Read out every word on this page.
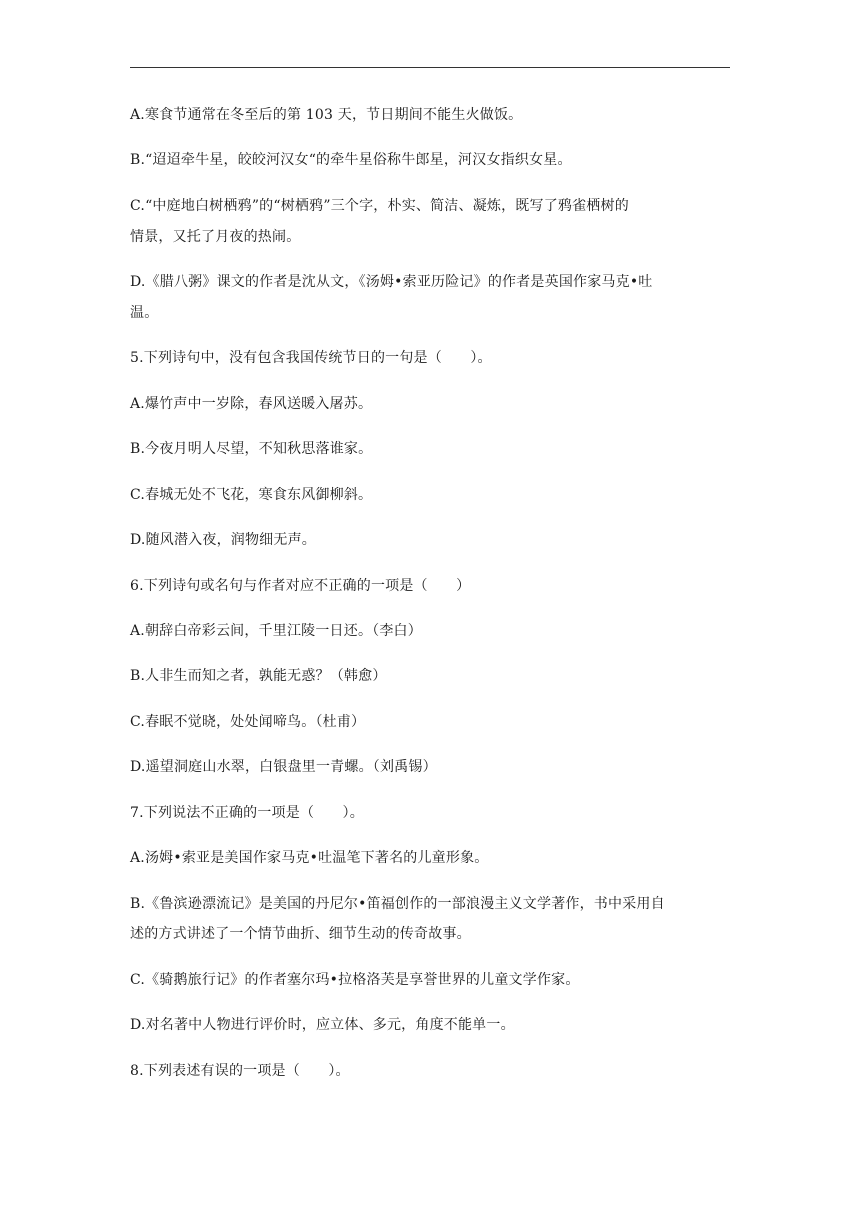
A.寒食节通常在冬至后的第 103 天，节日期间不能生火做饭。
B.“迢迢牵牛星，皎皎河汉女“的牵牛星俗称牛郎星，河汉女指织女星。
C.“中庭地白树栖鸦”的“树栖鸦”三个字，朴实、简洁、凝炼，既写了鸦雀栖树的
情景，又托了月夜的热闹。
D.《腊八粥》课文的作者是沈从文，《汤姆•索亚历险记》的作者是英国作家马克•吐
温。
5.下列诗句中，没有包含我国传统节日的一句是（　　）。
A.爆竹声中一岁除，春风送暖入屠苏。
B.今夜月明人尽望，不知秋思落谁家。
C.春城无处不飞花，寒食东风御柳斜。
D.随风潜入夜，润物细无声。
6.下列诗句或名句与作者对应不正确的一项是（　　）
A.朝辞白帝彩云间，千里江陵一日还。（李白）
B.人非生而知之者，孰能无惑？（韩愈）
C.春眠不觉晓，处处闻啼鸟。（杜甫）
D.遥望洞庭山水翠，白银盘里一青螺。（刘禹锡）
7.下列说法不正确的一项是（　　）。
A.汤姆•索亚是美国作家马克•吐温笔下著名的儿童形象。
B.《鲁滨逊漂流记》是美国的丹尼尔•笛福创作的一部浪漫主义文学著作，书中采用自
述的方式讲述了一个情节曲折、细节生动的传奇故事。
C.《骑鹅旅行记》的作者塞尔玛•拉格洛芙是享誉世界的儿童文学作家。
D.对名著中人物进行评价时，应立体、多元，角度不能单一。
8.下列表述有误的一项是（　　）。
